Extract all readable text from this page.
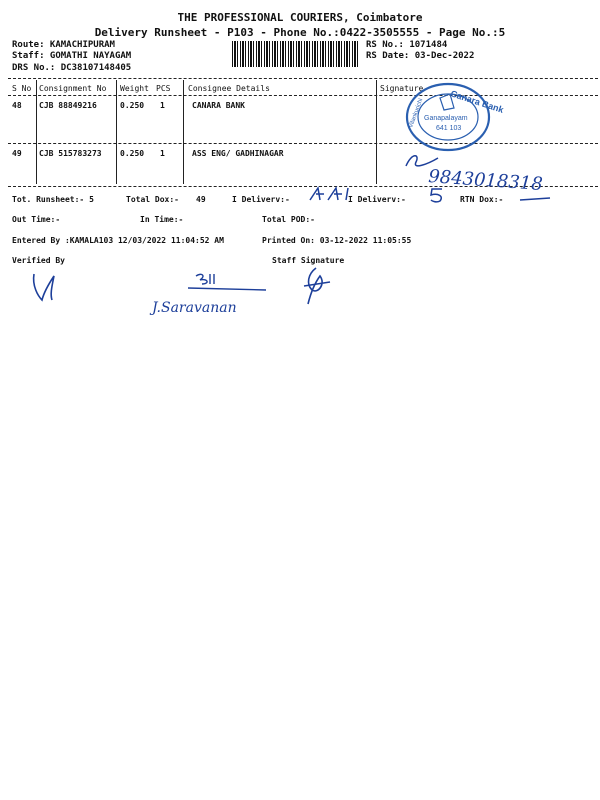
THE PROFESSIONAL COURIERS, Coimbatore
Delivery Runsheet - P103 - Phone No.:0422-3505555 - Page No.:5
Route: KAMACHIPURAM
Staff: GOMATHI NAYAGAM
DRS No.: DC38107148405
RS No.: 1071484
RS Date: 03-Dec-2022
S No Consignment No Weight PCS Consignee Details	Signature
48 CJB 88849216	0.250 1	CANARA BANK
49 CJB 515783273 0.250 1	ASS ENG/ GADHINAGAR
Canara Bank
Vilankurichi Ganapalayam
641 103
9843018318
Tot. Runsheet:- 5	Total Dox:- 49	I Deliverv:-	I Deliverv:-	RTN Dox:-
Out Time:-	In Time:-	Total POD:-
Entered By :KAMALA103 12/03/2022 11:04:52 AM	Printed On: 03-12-2022 11:05:55
Verified By	Staff Signature
J.Saravanan
